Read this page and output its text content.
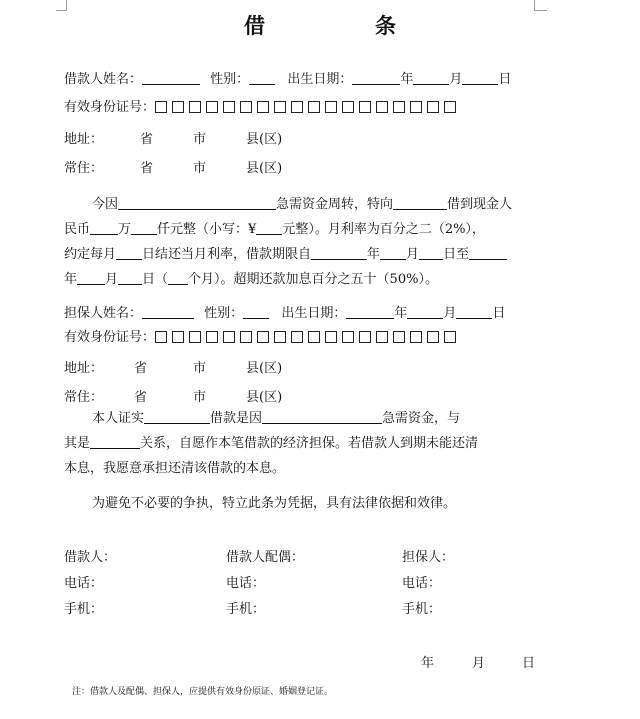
借	条
借款人姓名：	性别：	出生日期：	年	月	日
有效身份证号：
地址：	省	市	县(区)
常住：	省	市	县(区)
今因	急需资金周转，特向	借到现金人
民币 万 仟元整（小写：¥ 元整）。月利率为百分之二（2%），
约定每月 日结还当月利率，借款期限自	年 月 日至
年 月 日（ 个月）。超期还款加息百分之五十（50%）。
担保人姓名：	性别：	出生日期：	年	月	日
有效身份证号：
地址： 省	市	县(区)
常住： 省	市	县(区)
本人证实	借款是因	急需资金，与
其是	关系，自愿作本笔借款的经济担保。若借款人到期未能还清
本息，我愿意承担还清该借款的本息。
为避免不必要的争执，特立此条为凭据，具有法律依据和效律。
借款人：	借款人配偶：	担保人：
电话：	电话：	电话：
手机：	手机：	手机：
年	月	日
注：借款人及配偶、担保人，应提供有效身份原证、婚姻登记证。
